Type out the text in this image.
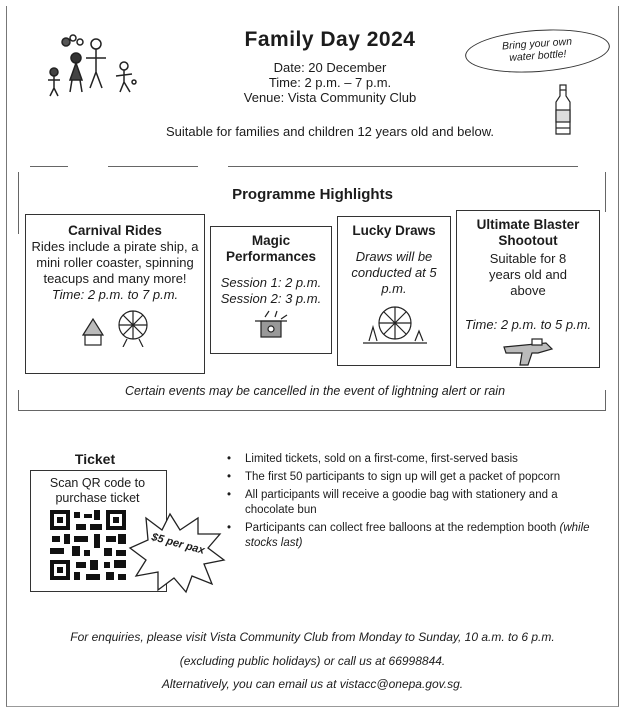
Family Day 2024
Date: 20 December
Time: 2 p.m. – 7 p.m.
Venue: Vista Community Club
Bring your own
water bottle!
Suitable for families and children 12 years old and below.
Programme Highlights
Carnival Rides
Rides include a pirate ship, a mini roller coaster, spinning teacups and many more!
Time: 2 p.m. to 7 p.m.
Magic Performances
Session 1: 2 p.m.
Session 2: 3 p.m.
Lucky Draws
Draws will be conducted at 5 p.m.
Ultimate Blaster Shootout
Suitable for 8 years old and above
Time: 2 p.m. to 5 p.m.
Certain events may be cancelled in the event of lightning alert or rain
Ticket
Scan QR code to purchase ticket
$5 per pax
• Limited tickets, sold on a first-come, first-served basis
• The first 50 participants to sign up will get a packet of popcorn
• All participants will receive a goodie bag with stationery and a chocolate bun
• Participants can collect free balloons at the redemption booth (while stocks last)
For enquiries, please visit Vista Community Club from Monday to Sunday, 10 a.m. to 6 p.m.
(excluding public holidays) or call us at 66998844.
Alternatively, you can email us at vistacc@onepa.gov.sg.
